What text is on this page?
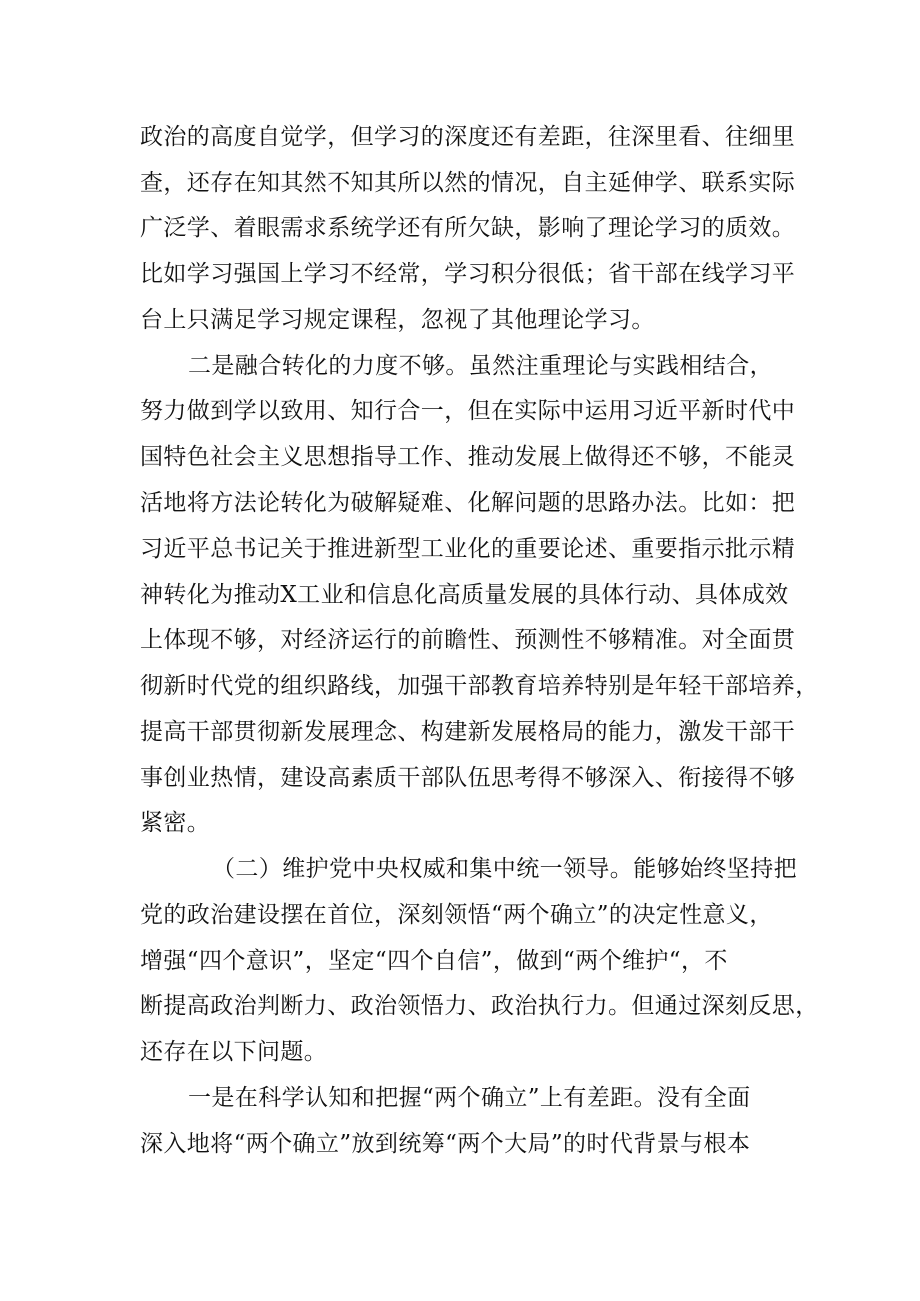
政治的高度自觉学，但学习的深度还有差距，往深里看、往细里

查，还存在知其然不知其所以然的情况，自主延伸学、联系实际

广泛学、着眼需求系统学还有所欠缺，影响了理论学习的质效。

比如学习强国上学习不经常，学习积分很低；省干部在线学习平

台上只满足学习规定课程，忽视了其他理论学习。

二是融合转化的力度不够。虽然注重理论与实践相结合，

努力做到学以致用、知行合一，但在实际中运用习近平新时代中

国特色社会主义思想指导工作、推动发展上做得还不够，不能灵

活地将方法论转化为破解疑难、化解问题的思路办法。比如：把

习近平总书记关于推进新型工业化的重要论述、重要指示批示精

神转化为推动X工业和信息化高质量发展的具体行动、具体成效

上体现不够，对经济运行的前瞻性、预测性不够精准。对全面贯

彻新时代党的组织路线，加强干部教育培养特别是年轻干部培养，

提高干部贯彻新发展理念、构建新发展格局的能力，激发干部干

事创业热情，建设高素质干部队伍思考得不够深入、衔接得不够

紧密。

（二）维护党中央权威和集中统一领导。能够始终坚持把

党的政治建设摆在首位，深刻领悟“两个确立”的决定性意义，

增强“四个意识”，坚定“四个自信”，做到“两个维护“，不

断提高政治判断力、政治领悟力、政治执行力。但通过深刻反思，

还存在以下问题。

一是在科学认知和把握“两个确立”上有差距。没有全面

深入地将“两个确立”放到统筹“两个大局”的时代背景与根本
